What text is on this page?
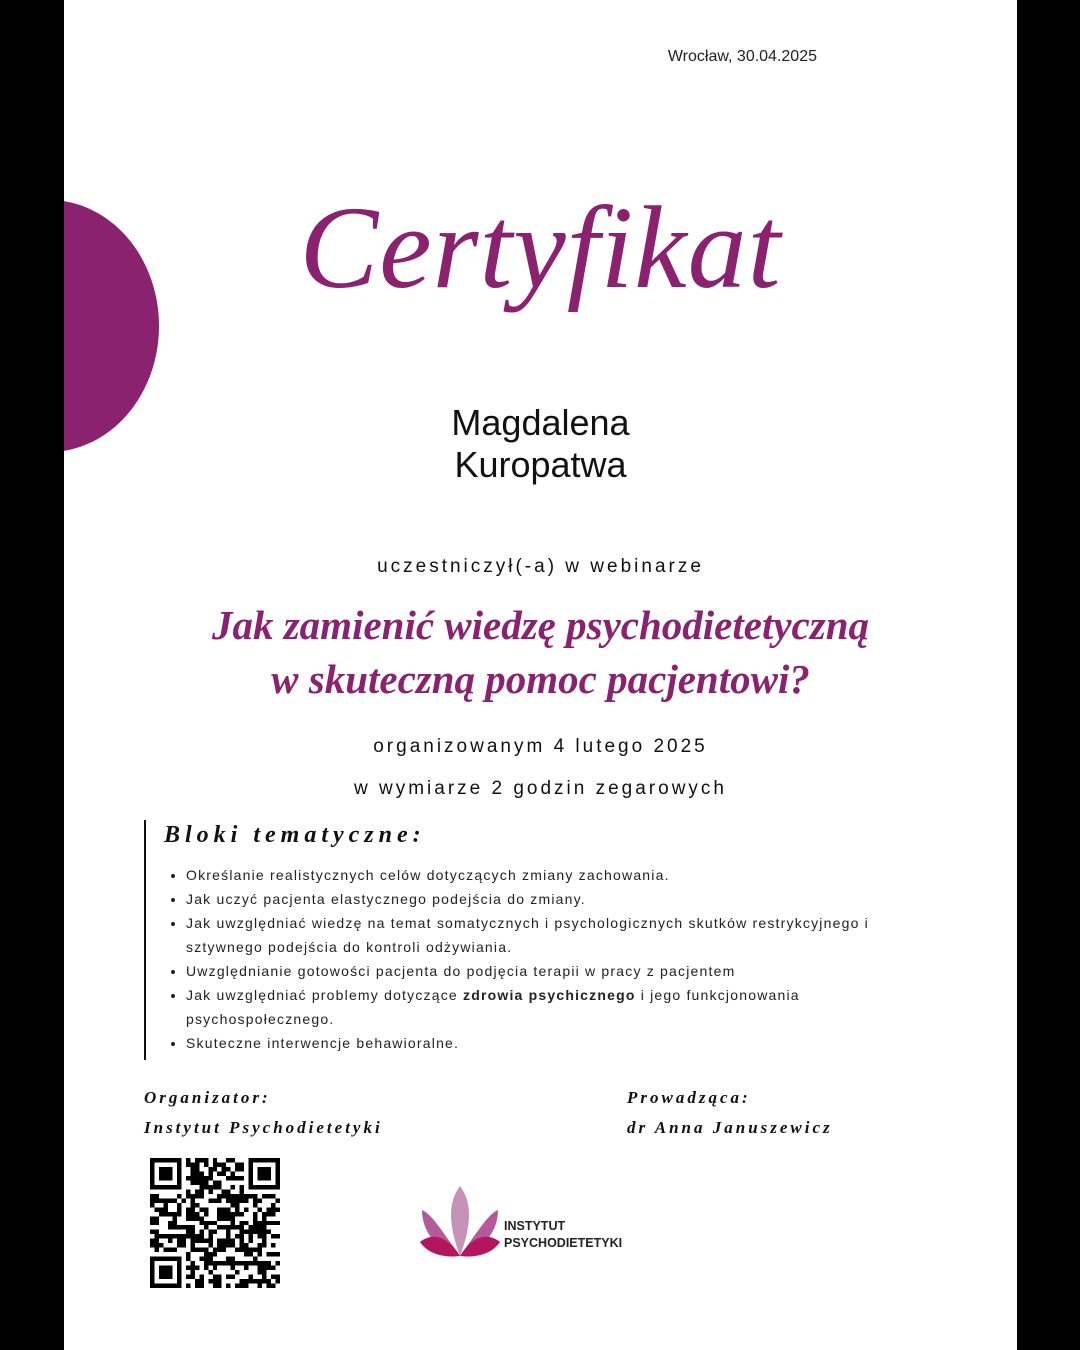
Wrocław, 30.04.2025
Certyfikat
Magdalena
Kuropatwa
uczestniczył(-a) w webinarze
Jak zamienić wiedzę psychodietetyczną
w skuteczną pomoc pacjentowi?
organizowanym 4 lutego 2025
w wymiarze 2 godzin zegarowych
Bloki tematyczne:
• Określanie realistycznych celów dotyczących zmiany zachowania.
• Jak uczyć pacjenta elastycznego podejścia do zmiany.
• Jak uwzględniać wiedzę na temat somatycznych i psychologicznych skutków restrykcyjnego i sztywnego podejścia do kontroli odżywiania.
• Uwzględnianie gotowości pacjenta do podjęcia terapii w pracy z pacjentem
• Jak uwzględniać problemy dotyczące zdrowia psychicznego i jego funkcjonowania psychospołecznego.
• Skuteczne interwencje behawioralne.
Organizator:
Instytut Psychodietetyki
Prowadząca:
dr Anna Januszewicz
INSTYTUT
PSYCHODIETETYKI
